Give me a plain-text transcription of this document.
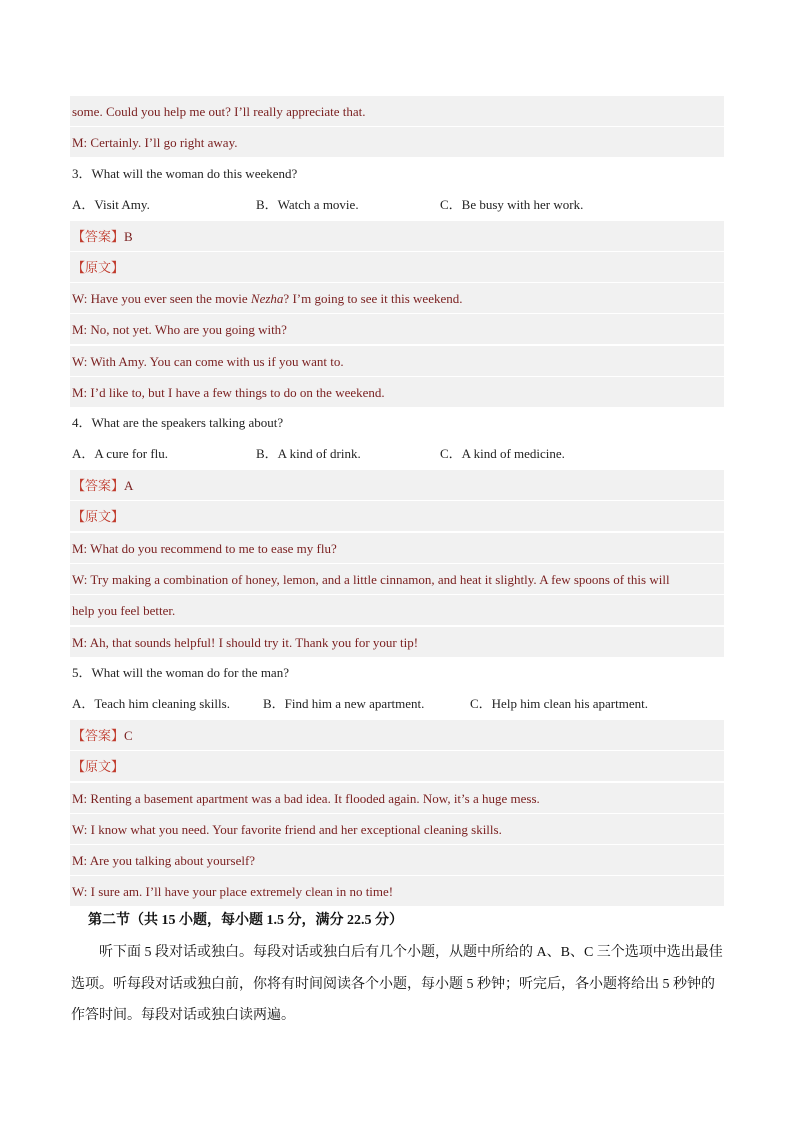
some. Could you help me out? I’ll really appreciate that.
M: Certainly. I’ll go right away.
3．What will the woman do this weekend?
A．Visit Amy.	B．Watch a movie.	C．Be busy with her work.
【答案】B
【原文】
W: Have you ever seen the movie Nezha? I’m going to see it this weekend.
M: No, not yet. Who are you going with?
W: With Amy. You can come with us if you want to.
M: I’d like to, but I have a few things to do on the weekend.
4．What are the speakers talking about?
A．A cure for flu.	B．A kind of drink.	C．A kind of medicine.
【答案】A
【原文】
M: What do you recommend to me to ease my flu?
W: Try making a combination of honey, lemon, and a little cinnamon, and heat it slightly. A few spoons of this will
help you feel better.
M: Ah, that sounds helpful! I should try it. Thank you for your tip!
5．What will the woman do for the man?
A．Teach him cleaning skills.	B．Find him a new apartment.	C．Help him clean his apartment.
【答案】C
【原文】
M: Renting a basement apartment was a bad idea. It flooded again. Now, it’s a huge mess.
W: I know what you need. Your favorite friend and her exceptional cleaning skills.
M: Are you talking about yourself?
W: I sure am. I’ll have your place extremely clean in no time!
第二节（共 15 小题，每小题 1.5 分，满分 22.5 分）
听下面 5 段对话或独白。每段对话或独白后有几个小题，从题中所给的 A、B、C 三个选项中选出最佳选项。听每段对话或独白前，你将有时间阅读各个小题，每小题 5 秒钟；听完后，各小题将给出 5 秒钟的作答时间。每段对话或独白读两遍。
